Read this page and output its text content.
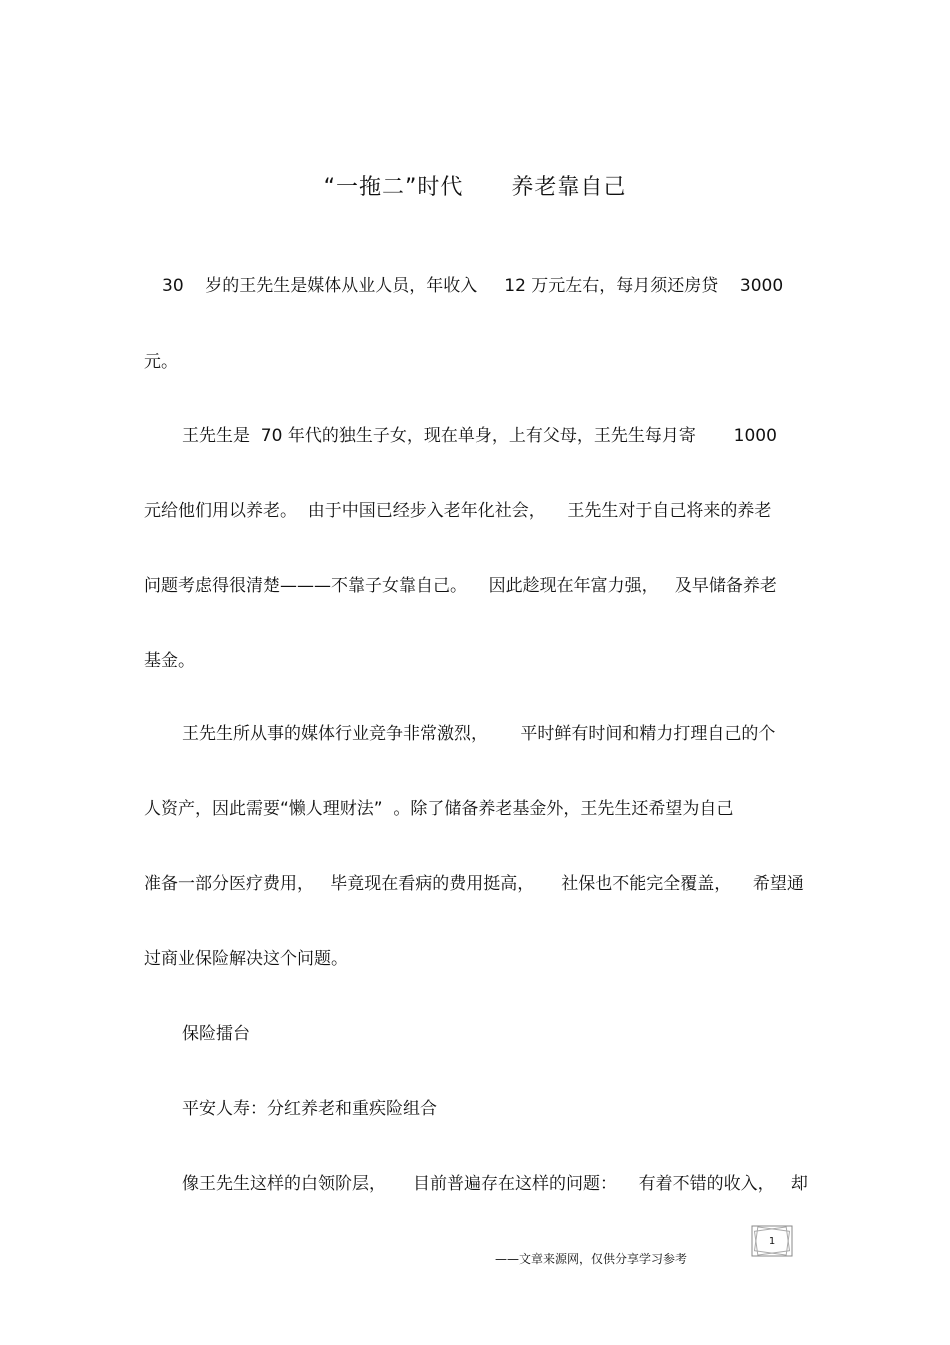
“一拖二”时代      养老靠自己
30    岁的王先生是媒体从业人员，年收入     12 万元左右，每月须还房贷    3000
元。
王先生是  70 年代的独生子女，现在单身，上有父母，王先生每月寄       1000
元给他们用以养老。  由于中国已经步入老年化社会，    王先生对于自己将来的养老
问题考虑得很清楚———不靠子女靠自己。    因此趁现在年富力强，   及早储备养老
基金。
王先生所从事的媒体行业竞争非常激烈，      平时鲜有时间和精力打理自己的个
人资产，因此需要“懒人理财法”  。除了储备养老基金外，王先生还希望为自己
准备一部分医疗费用，   毕竟现在看病的费用挺高，     社保也不能完全覆盖，    希望通
过商业保险解决这个问题。
保险擂台
平安人寿：分红养老和重疾险组合
像王先生这样的白领阶层，     目前普遍存在这样的问题：    有着不错的收入，   却
——文章来源网，仅供分享学习参考
1
